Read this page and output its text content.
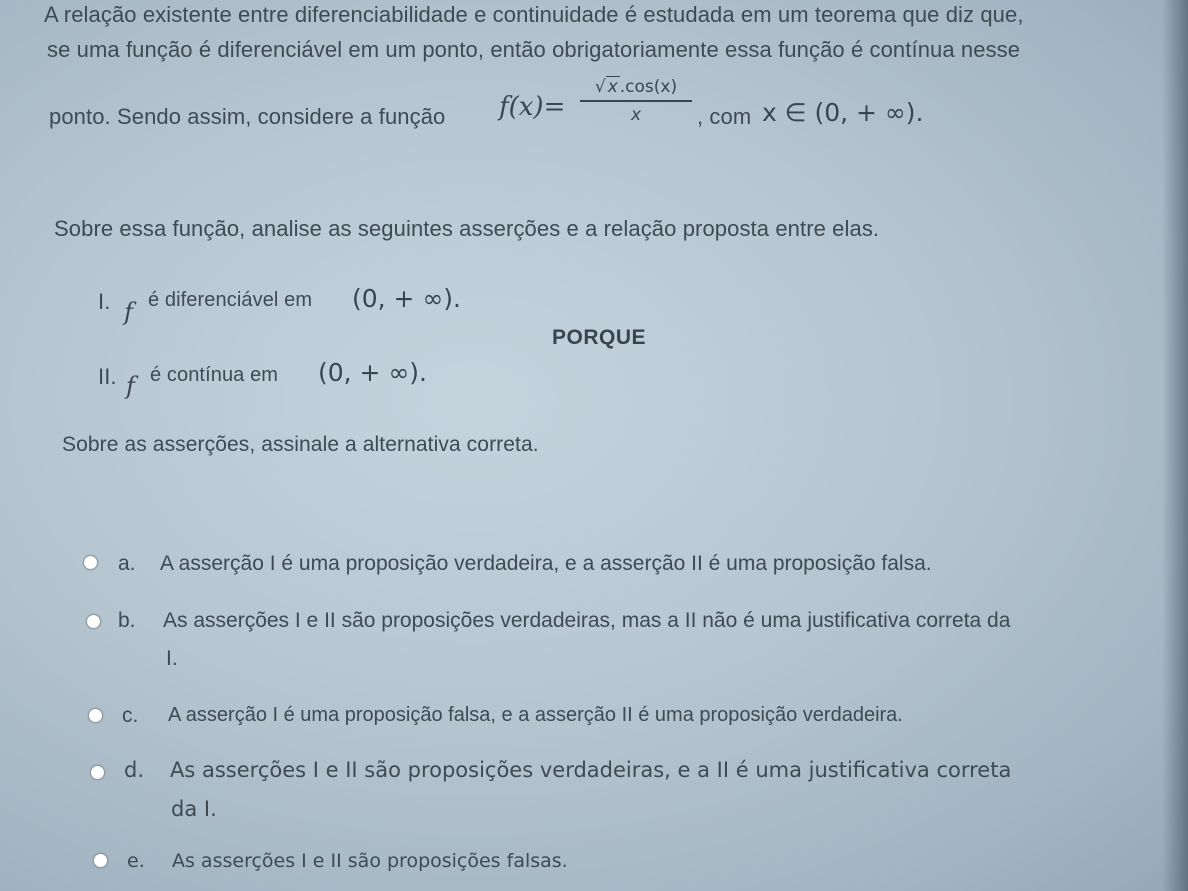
A relação existente entre diferenciabilidade e continuidade é estudada em um teorema que diz que,
se uma função é diferenciável em um ponto, então obrigatoriamente essa função é contínua nesse
ponto. Sendo assim, considere a função f(x)=
√ x .cos(x)
x	, com x ∈ (0, + ∞).
Sobre essa função, analise as seguintes asserções e a relação proposta entre elas.
I. f é diferenciável em (0, + ∞).
PORQUE
II. f é contínua em (0, + ∞).
Sobre as asserções, assinale a alternativa correta.
a. A asserção I é uma proposição verdadeira, e a asserção II é uma proposição falsa.
b. As asserções I e II são proposições verdadeiras, mas a II não é uma justificativa correta da
I.
c. A asserção I é uma proposição falsa, e a asserção II é uma proposição verdadeira.
d. As asserções I e II são proposições verdadeiras, e a II é uma justificativa correta
da I.
e. As asserções I e II são proposições falsas.
